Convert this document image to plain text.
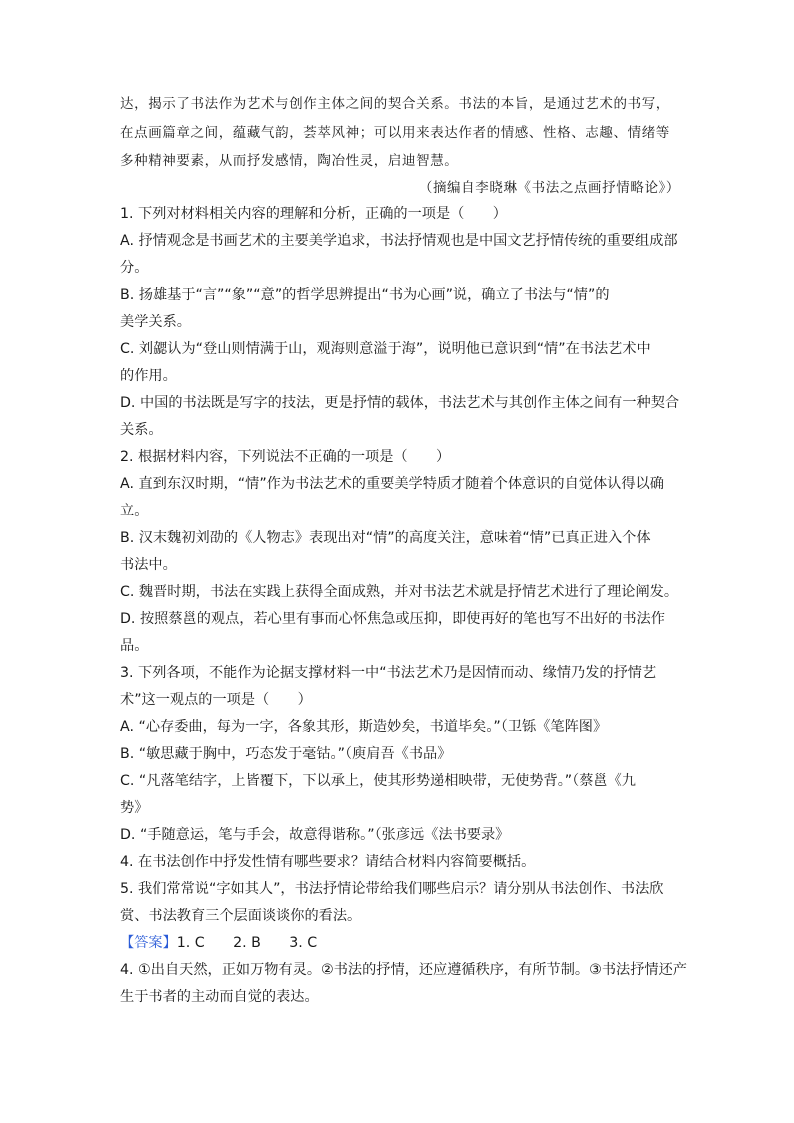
达，揭示了书法作为艺术与创作主体之间的契合关系。书法的本旨，是通过艺术的书写，
在点画篇章之间，蕴藏气韵，荟萃风神；可以用来表达作者的情感、性格、志趣、情绪等
多种精神要素，从而抒发感情，陶冶性灵，启迪智慧。
（摘编自李晓琳《书法之点画抒情略论》）
1. 下列对材料相关内容的理解和分析，正确的一项是（　　）
A. 抒情观念是书画艺术的主要美学追求，书法抒情观也是中国文艺抒情传统的重要组成部
分。
B. 扬雄基于“言”“象”“意”的哲学思辨提出“书为心画”说，确立了书法与“情”的
美学关系。
C. 刘勰认为“登山则情满于山，观海则意溢于海”，说明他已意识到“情”在书法艺术中
的作用。
D. 中国的书法既是写字的技法，更是抒情的载体，书法艺术与其创作主体之间有一种契合
关系。
2. 根据材料内容，下列说法不正确的一项是（　　）
A. 直到东汉时期，“情”作为书法艺术的重要美学特质才随着个体意识的自觉体认得以确
立。
B. 汉末魏初刘劭的《人物志》表现出对“情”的高度关注，意味着“情”已真正进入个体
书法中。
C. 魏晋时期，书法在实践上获得全面成熟，并对书法艺术就是抒情艺术进行了理论阐发。
D. 按照蔡邕的观点，若心里有事而心怀焦急或压抑，即使再好的笔也写不出好的书法作
品。
3. 下列各项，不能作为论据支撑材料一中“书法艺术乃是因情而动、缘情乃发的抒情艺
术”这一观点的一项是（　　）
A. “心存委曲，每为一字，各象其形，斯造妙矣，书道毕矣。”（卫铄《笔阵图》
B. “敏思藏于胸中，巧态发于毫钴。”（庾肩吾《书品》
C. “凡落笔结字，上皆覆下，下以承上，使其形势递相映带，无使势背。”（蔡邕《九
势》
D. “手随意运，笔与手会，故意得谐称。”（张彦远《法书要录》
4. 在书法创作中抒发性情有哪些要求？请结合材料内容简要概括。
5. 我们常常说“字如其人”，书法抒情论带给我们哪些启示？请分别从书法创作、书法欣
赏、书法教育三个层面谈谈你的看法。
【答案】1. C　　2. B　　3. C
4. ①出自天然，正如万物有灵。②书法的抒情，还应遵循秩序，有所节制。③书法抒情还产
生于书者的主动而自觉的表达。
